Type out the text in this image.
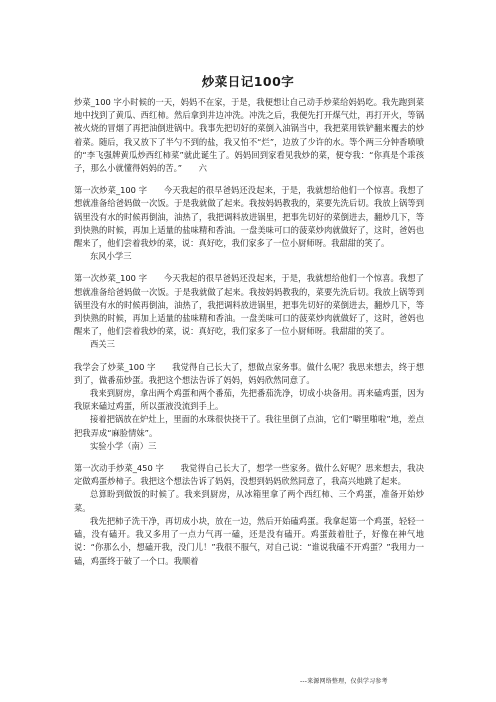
炒菜日记100字

炒菜_100 字小时候的一天，妈妈不在家，于是，我便想让自己动手炒菜给妈妈吃。我先跑到菜地中找到了黄瓜、西红柿。然后拿到井边冲洗。冲洗之后，我便先打开煤气灶，再打开火，等锅被火烧的冒烟了再把油倒进锅中。我事先把切好的菜倒入油锅当中，我把菜用铁铲翻来覆去的炒着菜。随后，我又放下了半勺不到的盐，我又怕不“烂”，边放了少许的水。等个两三分钟香喷喷的“李飞强牌黄瓜炒西红柿菜”就此诞生了。妈妈回到家看见我炒的菜，便夸我：“你真是个乖孩子，那么小就懂得妈妈的苦。”　　六

第一次炒菜_100 字　　今天我起的很早爸妈还没起来，于是，我就想给他们一个惊喜。我想了想就准备给爸妈做一次饭。于是我就做了起来。我按妈妈教我的，菜要先洗后切。我放上锅等到锅里没有水的时候再倒油，油热了，我把调料放进锅里，把事先切好的菜倒进去，翻炒几下，等到快熟的时候，再加上适量的盐味精和香油。一盘美味可口的菠菜炒肉就做好了，这时，爸妈也醒来了，他们尝着我炒的菜，说：真好吃，我们家多了一位小厨师呀。我甜甜的笑了。

东风小学三

第一次炒菜_100 字　　今天我起的很早爸妈还没起来，于是，我就想给他们一个惊喜。我想了想就准备给爸妈做一次饭。于是我就做了起来。我按妈妈教我的，菜要先洗后切。我放上锅等到锅里没有水的时候再倒油，油热了，我把调料放进锅里，把事先切好的菜倒进去，翻炒几下，等到快熟的时候，再加上适量的盐味精和香油。一盘美味可口的菠菜炒肉就做好了，这时，爸妈也醒来了，他们尝着我炒的菜，说：真好吃，我们家多了一位小厨师呀。我甜甜的笑了。

西关三

我学会了炒菜_100 字　　我觉得自己长大了，想做点家务事。做什么呢？我思来想去，终于想到了，做番茄炒蛋。我把这个想法告诉了妈妈，妈妈欣然同意了。

我来到厨房，拿出两个鸡蛋和两个番茄，先把番茄洗净，切成小块备用。再来磕鸡蛋，因为我原来磕过鸡蛋，所以蛋液没流到手上。

接着把锅放在炉灶上，里面的水珠很快挠干了。我往里倒了点油，它们“噼里啪啦”地，差点把我弄成“麻脸情妹”。

实验小学（南）三

第一次动手炒菜_450 字　　我觉得自己长大了，想学一些家务。做什么好呢？思来想去，我决定做鸡蛋炒柿子。我把这个想法告诉了妈妈，没想到妈妈欣然同意了，我高兴地跳了起来。

总算盼到做饭的时候了。我来到厨房，从冰箱里拿了两个西红柿、三个鸡蛋，准备开始炒菜。

我先把柿子洗干净，再切成小块，放在一边，然后开始磕鸡蛋。我拿起第一个鸡蛋，轻轻一磕，没有磕开。我又多用了一点力气再一磕，还是没有磕开。鸡蛋鼓着肚子，好像在神气地说：“你那么小，想磕开我，没门儿！”我很不服气，对自己说：“谁说我磕不开鸡蛋？”我用力一磕，鸡蛋终于破了一个口。我顺着

---来源网络整理，仅供学习参考
